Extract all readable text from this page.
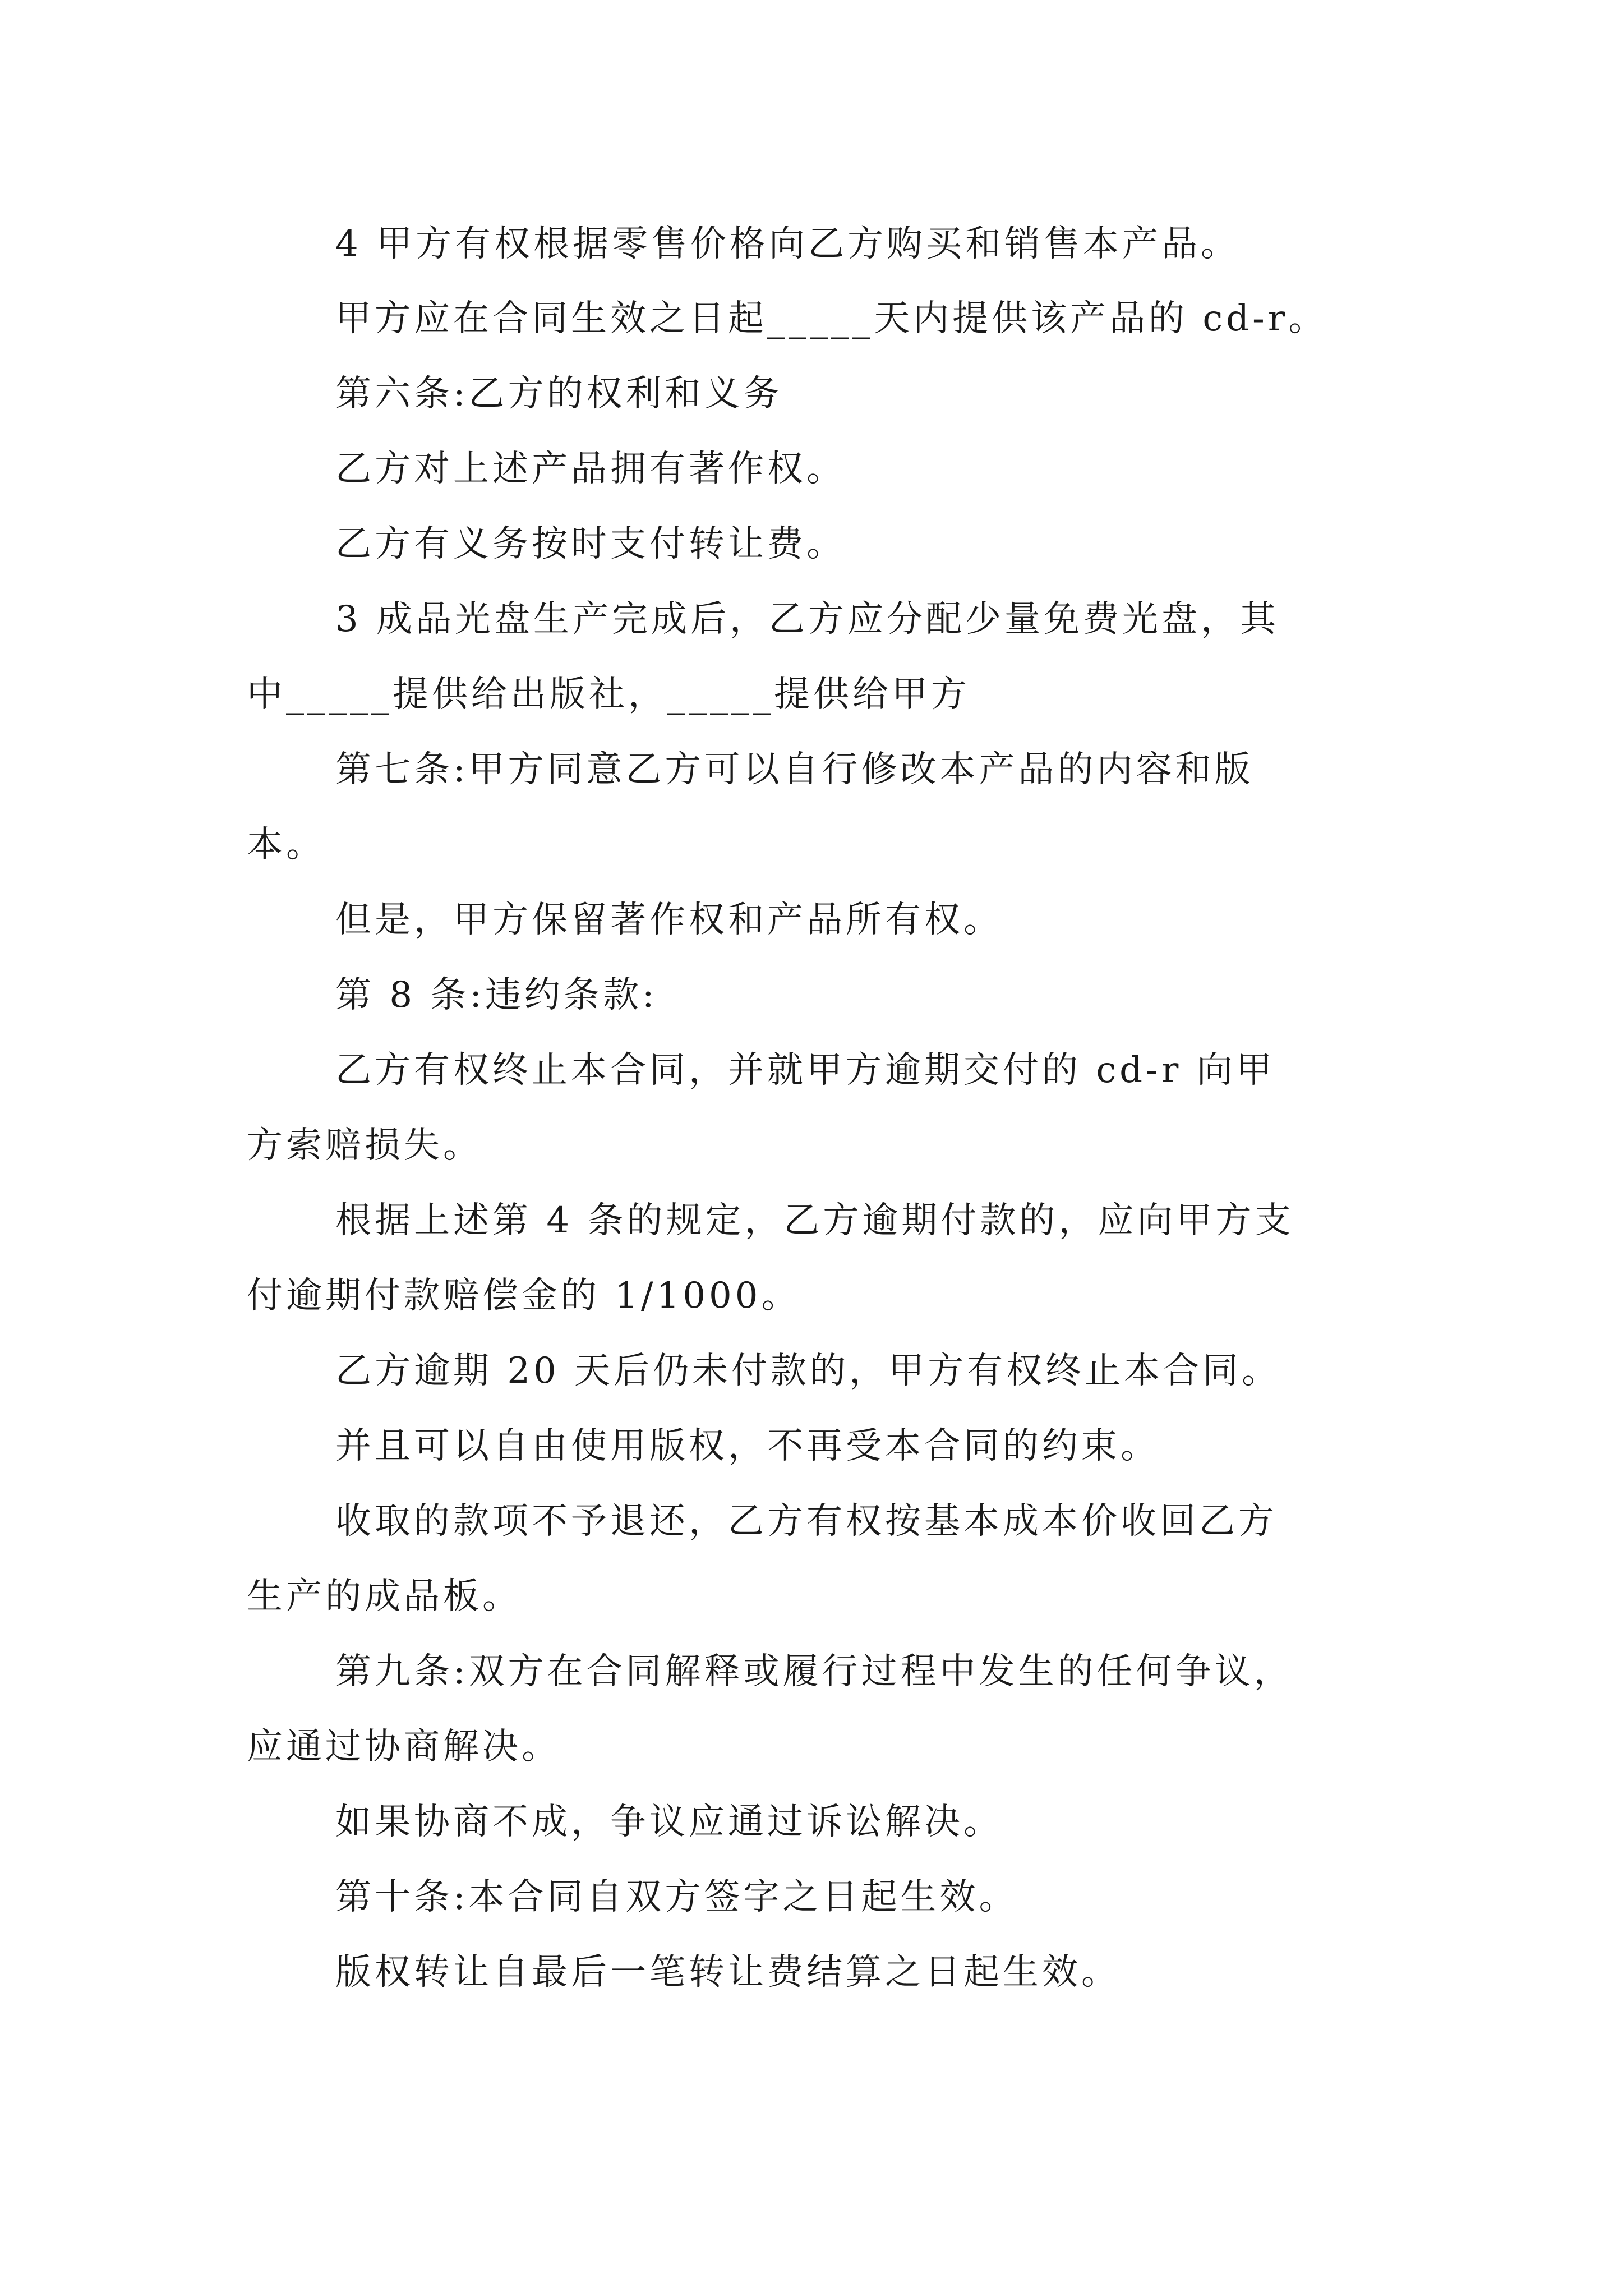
4 甲方有权根据零售价格向乙方购买和销售本产品。

甲方应在合同生效之日起_____天内提供该产品的 cd-r。

第六条:乙方的权利和义务

乙方对上述产品拥有著作权。

乙方有义务按时支付转让费。

3 成品光盘生产完成后，乙方应分配少量免费光盘，其

中_____提供给出版社，_____提供给甲方

第七条:甲方同意乙方可以自行修改本产品的内容和版

本。

但是，甲方保留著作权和产品所有权。

第 8 条:违约条款:

乙方有权终止本合同，并就甲方逾期交付的 cd-r 向甲

方索赔损失。

根据上述第 4 条的规定，乙方逾期付款的，应向甲方支

付逾期付款赔偿金的 1/1000。

乙方逾期 20 天后仍未付款的，甲方有权终止本合同。

并且可以自由使用版权，不再受本合同的约束。

收取的款项不予退还，乙方有权按基本成本价收回乙方

生产的成品板。

第九条:双方在合同解释或履行过程中发生的任何争议，

应通过协商解决。

如果协商不成，争议应通过诉讼解决。

第十条:本合同自双方签字之日起生效。

版权转让自最后一笔转让费结算之日起生效。
